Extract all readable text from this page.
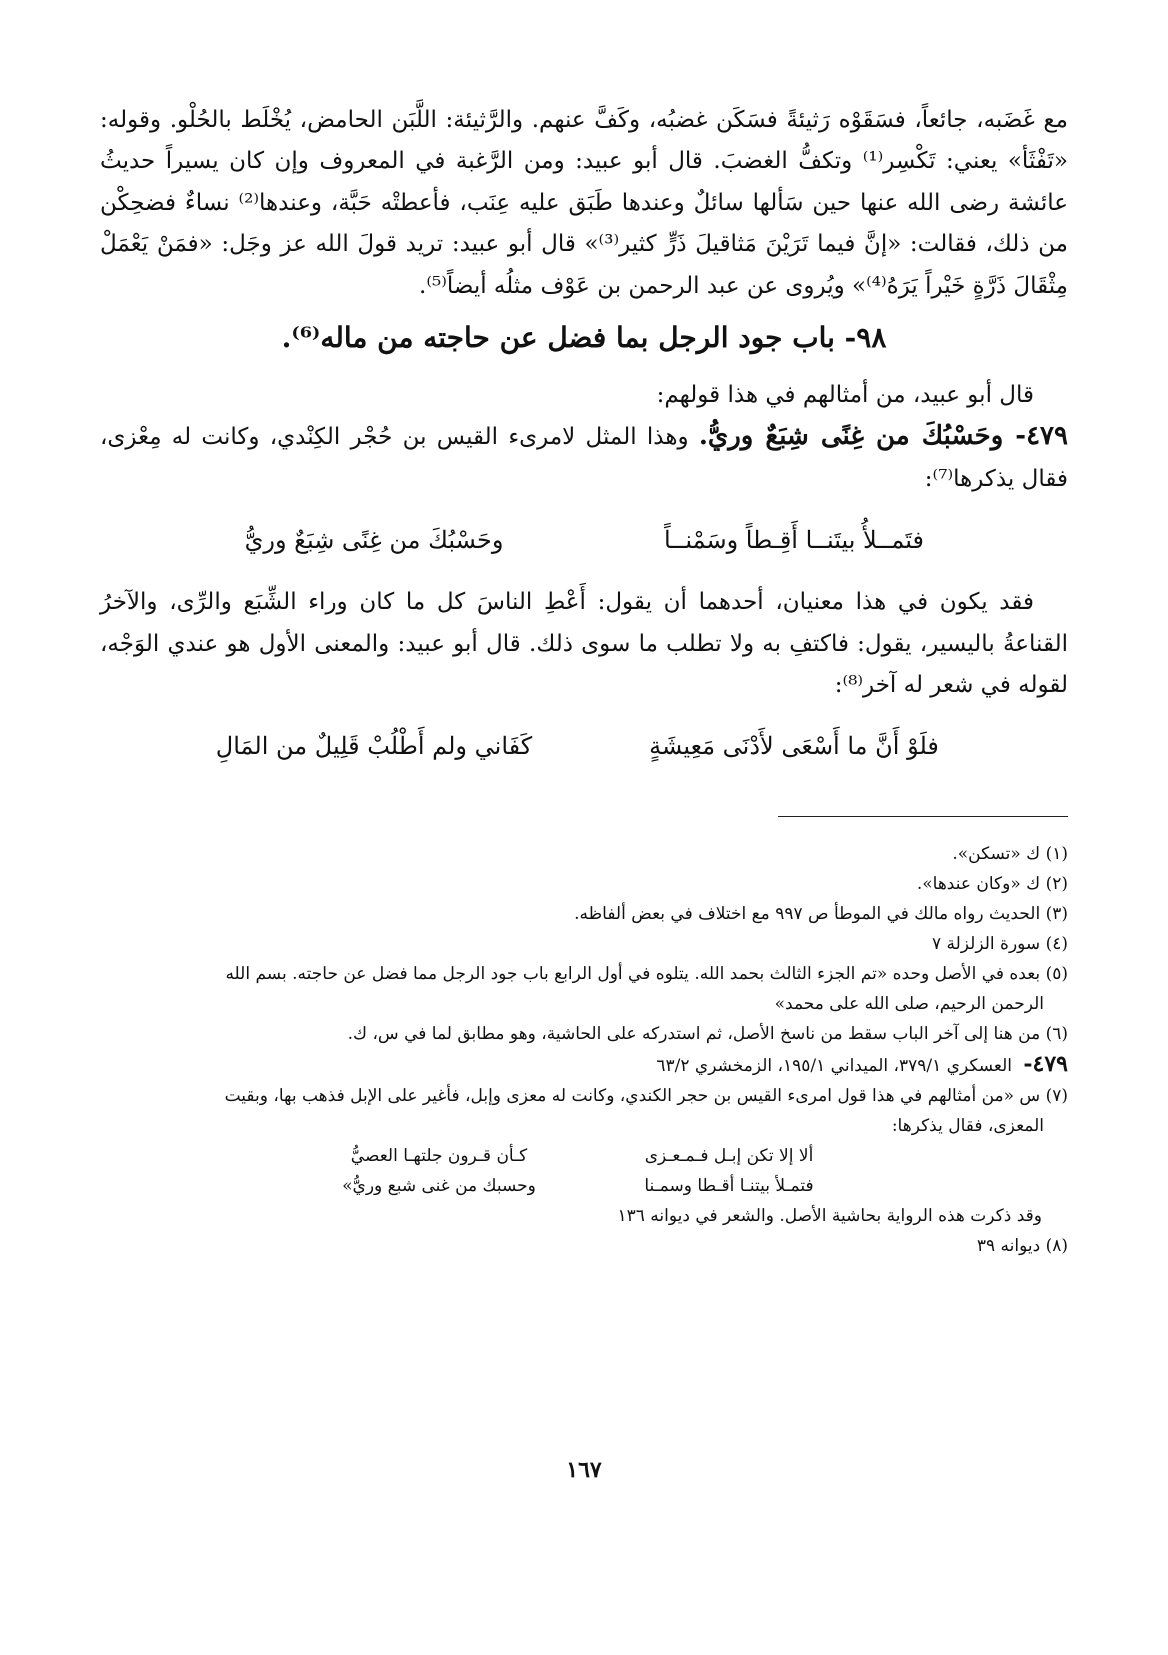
مع غَضَبه، جائعاً، فسَقَوْه رَثيئةً فسَكَن غضبُه، وكَفَّ عنهم. والرَّثيئة: اللَّبَن الحامض، يُخْلَط بالحُلْو. وقوله: «تَفْثَأ» يعني: تَكْسِر⁽¹⁾ وتكفُّ الغضبَ. قال أبو عبيد: ومن الرَّغبة في المعروف وإن كان يسيراً حديثُ عائشة رضى الله عنها حين سَألها سائلٌ وعندها طَبَق عليه عِنَب، فأعطتْه حَبَّة، وعندها⁽²⁾ نساءٌ فضحِكْن من ذلك، فقالت: «إنَّ فيما تَرَيْنَ مَثاقيلَ ذَرٍّ كثير⁽³⁾» قال أبو عبيد: تريد قولَ الله عز وجَل: «فمَنْ يَعْمَلْ مِثْقَالَ ذَرَّةٍ خَيْراً يَرَهُ⁽⁴⁾» ويُروى عن عبد الرحمن بن عَوْف مثلُه أيضاً⁽⁵⁾.

٩٨- باب جود الرجل بما فضل عن حاجته من ماله⁽⁶⁾.

قال أبو عبيد، من أمثالهم في هذا قولهم:

٤٧٩- وحَسْبُكَ من غِنًى شِبَعٌ وريُّ. وهذا المثل لامرىء القيس بن حُجْر الكِنْدي، وكانت له مِعْزى، فقال يذكرها⁽⁷⁾:

فتَمــلأُ بيتَنــا أَقِـطاً وسَمْنــاً
وحَسْبُكَ من غِنًى شِبَعٌ وريُّ

فقد يكون في هذا معنيان، أحدهما أن يقول: أَعْطِ الناسَ كل ما كان وراء الشِّبَع والرِّى، والآخرُ القناعةُ باليسير، يقول: فاكتفِ به ولا تطلب ما سوى ذلك. قال أبو عبيد: والمعنى الأول هو عندي الوَجْه، لقوله في شعر له آخر⁽⁸⁾:

فلَوْ أَنَّ ما أَسْعَى لأَدْنَى مَعِيشَةٍ
كَفَاني ولم أَطْلُبْ قَلِيلٌ من المَالِ

(١) ك «تسكن».

(٢) ك «وكان عندها».

(٣) الحديث رواه مالك في الموطأ ص ٩٩٧ مع اختلاف في بعض ألفاظه.

(٤) سورة الزلزلة ٧

(٥) بعده في الأصل وحده «تم الجزء الثالث بحمد الله. يتلوه في أول الرابع باب جود الرجل مما فضل عن حاجته. بسم الله
الرحمن الرحيم، صلى الله على محمد»

(٦) من هنا إلى آخر الباب سقط من ناسخ الأصل، ثم استدركه على الحاشية، وهو مطابق لما في س، ك.

٤٧٩- العسكري ٣٧٩/١، الميداني ١٩٥/١، الزمخشري ٦٣/٢

(٧) س «من أمثالهم في هذا قول امرىء القيس بن حجر الكندي، وكانت له معزى وإبل، فأغير على الإبل فذهب بها، وبقيت
المعزى، فقال يذكرها:

ألا إلا تكن إبـل فـمـعـزى
كـأن قـرون جلتهـا العصيُّ
فتمـلأ بيتنـا أقـطا وسمـنا
وحسبك من غنى شبع وريُّ»

وقد ذكرت هذه الرواية بحاشية الأصل. والشعر في ديوانه ١٣٦

(٨) ديوانه ٣٩

١٦٧
